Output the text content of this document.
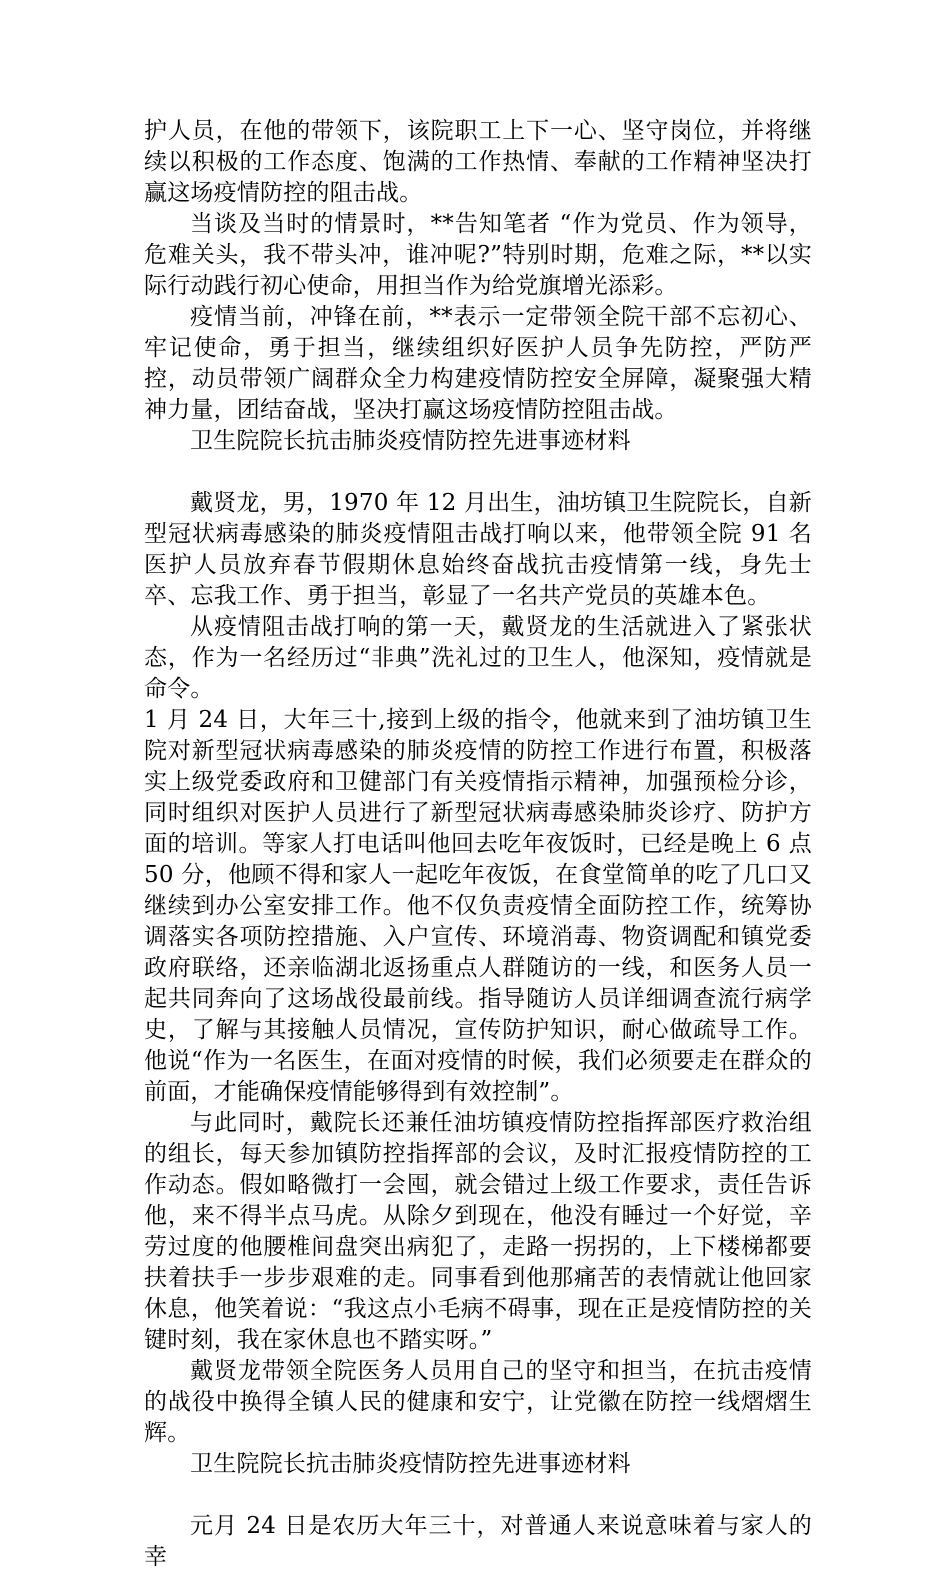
护人员，在他的带领下，该院职工上下一心、坚守岗位，并将继续以积极的工作态度、饱满的工作热情、奉献的工作精神坚决打赢这场疫情防控的阻击战。

当谈及当时的情景时，**告知笔者 “作为党员、作为领导，危难关头，我不带头冲，谁冲呢?”特别时期，危难之际，**以实际行动践行初心使命，用担当作为给党旗增光添彩。

疫情当前，冲锋在前，**表示一定带领全院干部不忘初心、牢记使命，勇于担当，继续组织好医护人员争先防控，严防严控，动员带领广阔群众全力构建疫情防控安全屏障，凝聚强大精神力量，团结奋战，坚决打赢这场疫情防控阻击战。

卫生院院长抗击肺炎疫情防控先进事迹材料

戴贤龙，男，1970 年 12 月出生，油坊镇卫生院院长，自新型冠状病毒感染的肺炎疫情阻击战打响以来，他带领全院 91 名医护人员放弃春节假期休息始终奋战抗击疫情第一线，身先士卒、忘我工作、勇于担当，彰显了一名共产党员的英雄本色。

从疫情阻击战打响的第一天，戴贤龙的生活就进入了紧张状态，作为一名经历过“非典”洗礼过的卫生人，他深知，疫情就是命令。

1 月 24 日，大年三十,接到上级的指令，他就来到了油坊镇卫生院对新型冠状病毒感染的肺炎疫情的防控工作进行布置，积极落实上级党委政府和卫健部门有关疫情指示精神，加强预检分诊，同时组织对医护人员进行了新型冠状病毒感染肺炎诊疗、防护方面的培训。等家人打电话叫他回去吃年夜饭时，已经是晚上 6 点 50 分，他顾不得和家人一起吃年夜饭，在食堂简单的吃了几口又继续到办公室安排工作。他不仅负责疫情全面防控工作，统筹协调落实各项防控措施、入户宣传、环境消毒、物资调配和镇党委政府联络，还亲临湖北返扬重点人群随访的一线，和医务人员一起共同奔向了这场战役最前线。指导随访人员详细调查流行病学史，了解与其接触人员情况，宣传防护知识，耐心做疏导工作。他说“作为一名医生，在面对疫情的时候，我们必须要走在群众的前面，才能确保疫情能够得到有效控制”。

与此同时，戴院长还兼任油坊镇疫情防控指挥部医疗救治组的组长，每天参加镇防控指挥部的会议，及时汇报疫情防控的工作动态。假如略微打一会囤，就会错过上级工作要求，责任告诉他，来不得半点马虎。从除夕到现在，他没有睡过一个好觉，辛劳过度的他腰椎间盘突出病犯了，走路一拐拐的，上下楼梯都要扶着扶手一步步艰难的走。同事看到他那痛苦的表情就让他回家休息，他笑着说：“我这点小毛病不碍事，现在正是疫情防控的关键时刻，我在家休息也不踏实呀。”

戴贤龙带领全院医务人员用自己的坚守和担当，在抗击疫情的战役中换得全镇人民的健康和安宁，让党徽在防控一线熠熠生辉。

卫生院院长抗击肺炎疫情防控先进事迹材料

元月 24 日是农历大年三十，对普通人来说意味着与家人的幸
